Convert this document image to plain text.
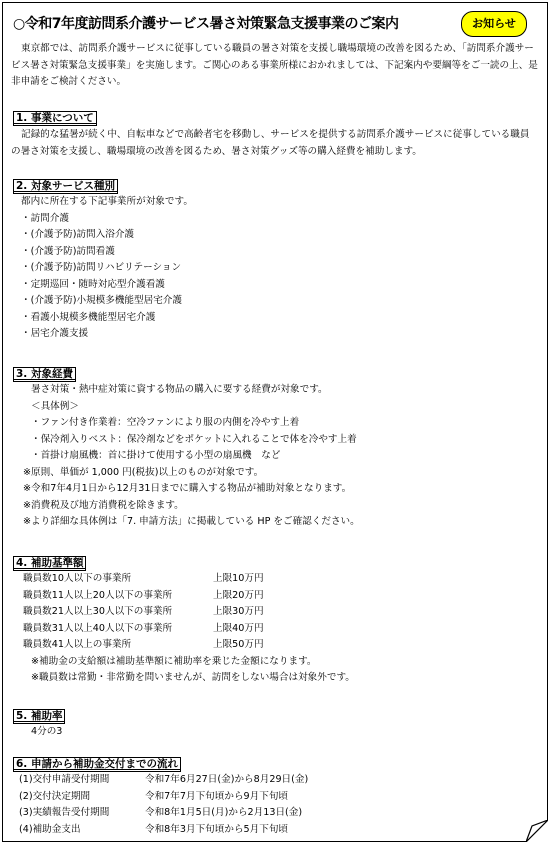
○令和7年度訪問系介護サービス暑さ対策緊急支援事業のご案内	お知らせ
東京都では、訪問系介護サービスに従事している職員の暑さ対策を支援し職場環境の改善を図るため、「訪問系介護サービス暑さ対策緊急支援事業」を実施します。ご関心のある事業所様におかれましては、下記案内や要綱等をご一読の上、是非申請をご検討ください。
1. 事業について
記録的な猛暑が続く中、自転車などで高齢者宅を移動し、サービスを提供する訪問系介護サービスに従事している職員の暑さ対策を支援し、職場環境の改善を図るため、暑さ対策グッズ等の購入経費を補助します。
2. 対象サービス種別
都内に所在する下記事業所が対象です。
・訪問介護
・(介護予防)訪問入浴介護
・(介護予防)訪問看護
・(介護予防)訪問リハビリテーション
・定期巡回・随時対応型介護看護
・(介護予防)小規模多機能型居宅介護
・看護小規模多機能型居宅介護
・居宅介護支援
3. 対象経費
暑さ対策・熱中症対策に資する物品の購入に要する経費が対象です。
＜具体例＞
・ファン付き作業着：空冷ファンにより服の内側を冷やす上着
・保冷剤入りベスト：保冷剤などをポケットに入れることで体を冷やす上着
・首掛け扇風機：首に掛けて使用する小型の扇風機　など
※原則、単価が 1,000 円(税抜)以上のものが対象です。
※令和7年4月1日から12月31日までに購入する物品が補助対象となります。
※消費税及び地方消費税を除きます。
※より詳細な具体例は「7. 申請方法」に掲載している HP をご確認ください。
4. 補助基準額
職員数10人以下の事業所	上限10万円
職員数11人以上20人以下の事業所	上限20万円
職員数21人以上30人以下の事業所	上限30万円
職員数31人以上40人以下の事業所	上限40万円
職員数41人以上の事業所	上限50万円
※補助金の支給額は補助基準額に補助率を乗じた金額になります。
※職員数は常勤・非常勤を問いませんが、訪問をしない場合は対象外です。
5. 補助率
4分の3
6. 申請から補助金交付までの流れ
(1)交付申請受付期間	令和7年6月27日(金)から8月29日(金)
(2)交付決定期間	令和7年7月下旬頃から9月下旬頃
(3)実績報告受付期間	令和8年1月5日(月)から2月13日(金)
(4)補助金支出	令和8年3月下旬頃から5月下旬頃
